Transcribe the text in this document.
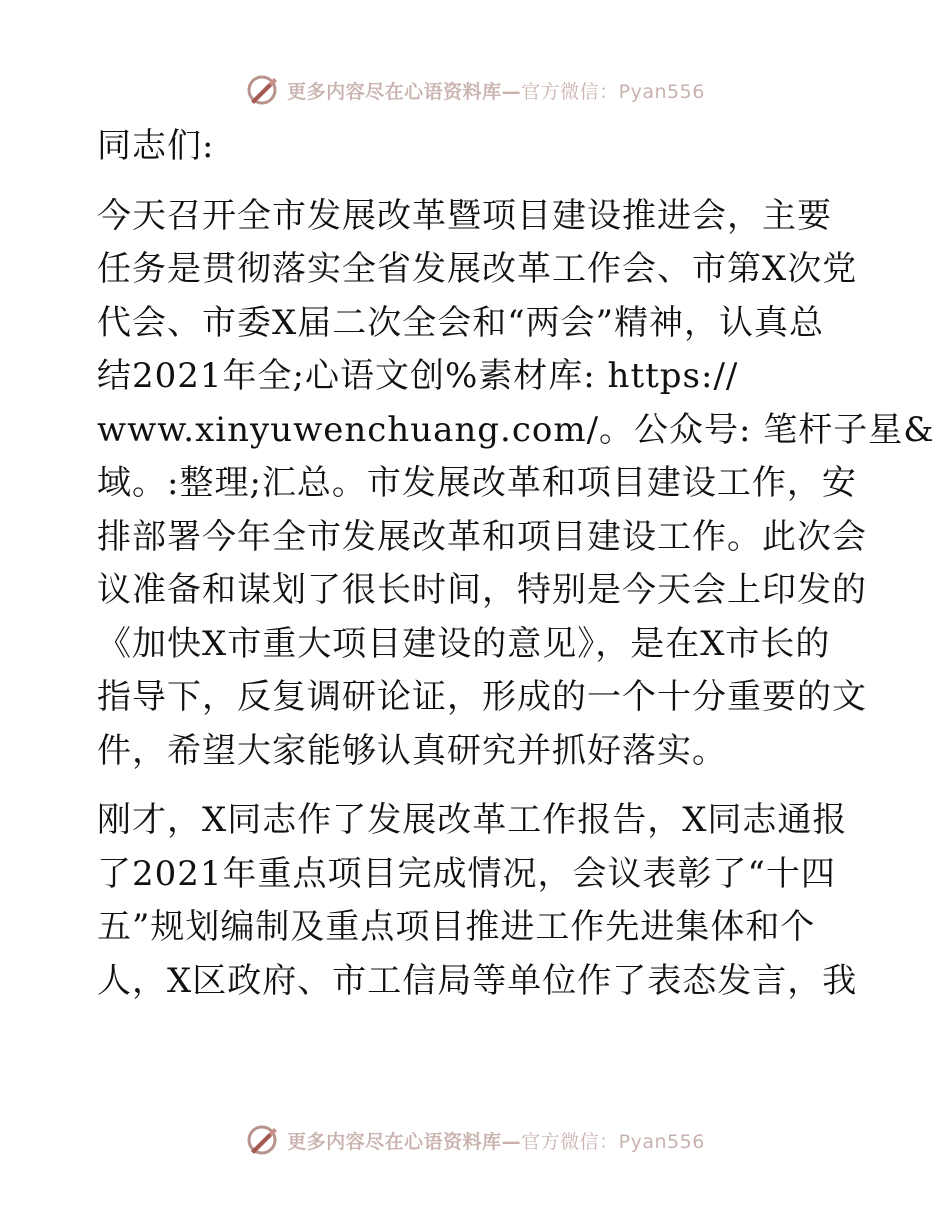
更多内容尽在心语资料库—官方微信：Pyan556

同志们:

今天召开全市发展改革暨项目建设推进会，主要
任务是贯彻落实全省发展改革工作会、市第X次党
代会、市委X届二次全会和“两会”精神，认真总
结2021年全;心语文创%素材库: https://
www.xinyuwenchuang.com/。公众号: 笔杆子星&
域。:整理;汇总。市发展改革和项目建设工作，安
排部署今年全市发展改革和项目建设工作。此次会
议准备和谋划了很长时间，特别是今天会上印发的
《加快X市重大项目建设的意见》，是在X市长的
指导下，反复调研论证，形成的一个十分重要的文
件，希望大家能够认真研究并抓好落实。

刚才，X同志作了发展改革工作报告，X同志通报
了2021年重点项目完成情况，会议表彰了“十四
五”规划编制及重点项目推进工作先进集体和个
人，X区政府、市工信局等单位作了表态发言，我

更多内容尽在心语资料库—官方微信：Pyan556
